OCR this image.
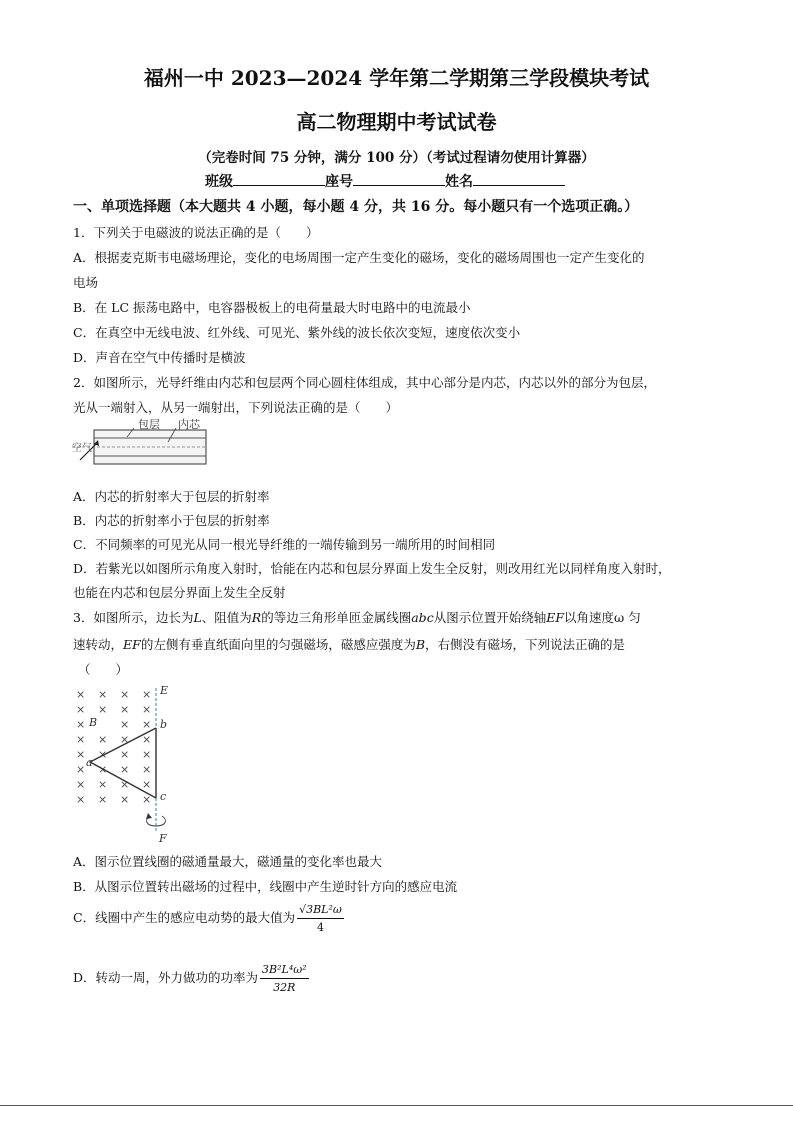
福州一中 2023—2024 学年第二学期第三学段模块考试
高二物理期中考试试卷
（完卷时间 75 分钟，满分 100 分）（考试过程请勿使用计算器）
班级	座号	姓名
一、单项选择题（本大题共 4 小题，每小题 4 分，共 16 分。每小题只有一个选项正确。）
1．下列关于电磁波的说法正确的是（　　）
A．根据麦克斯韦电磁场理论，变化的电场周围一定产生变化的磁场，变化的磁场周围也一定产生变化的
电场
B．在 LC 振荡电路中，电容器极板上的电荷量最大时电路中的电流最小
C．在真空中无线电波、红外线、可见光、紫外线的波长依次变短，速度依次变小
D．声音在空气中传播时是横波
2．如图所示，光导纤维由内芯和包层两个同心圆柱体组成，其中心部分是内芯，内芯以外的部分为包层，
光从一端射入，从另一端射出，下列说法正确的是（　　）
包层 内芯
空气
A．内芯的折射率大于包层的折射率
B．内芯的折射率小于包层的折射率
C．不同频率的可见光从同一根光导纤维的一端传输到另一端所用的时间相同
D．若紫光以如图所示角度入射时，恰能在内芯和包层分界面上发生全反射，则改用红光以同样角度入射时，
也能在内芯和包层分界面上发生全反射
3．如图所示，边长为L、阻值为R的等边三角形单匝金属线圈abc从图示位置开始绕轴EF以角速度ω 匀
速转动，EF的左侧有垂直纸面向里的匀强磁场，磁感应强度为B，右侧没有磁场，下列说法正确的是
（　　）
× × × ×
× × × ×
×	× ×
× × × ×
× × × ×
× × × ×
× × × ×
× × × ×
E
F
b
c
a
B
A．图示位置线圈的磁通量最大，磁通量的变化率也最大
B．从图示位置转出磁场的过程中，线圈中产生逆时针方向的感应电流
C．线圈中产生的感应电动势的最大值为 $\frac{\text{√3BL²ω}}{4}$
D．转动一周，外力做功的功率为 $\frac{\text{3B²L⁴ω²}}{32R}$
